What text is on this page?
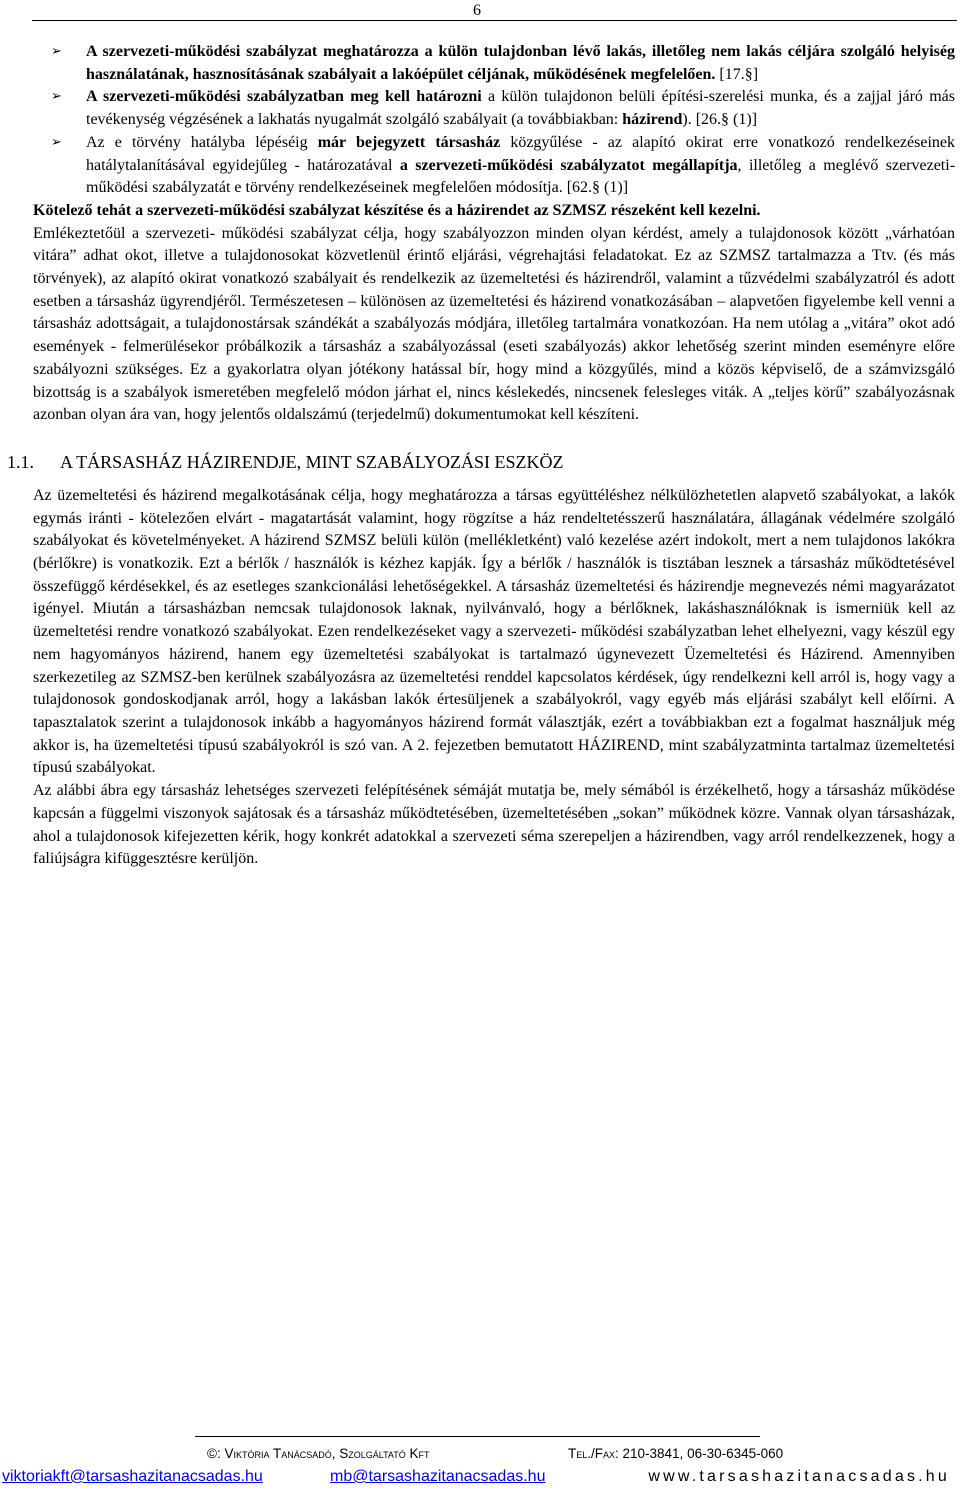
6
➢ A szervezeti-működési szabályzat meghatározza a külön tulajdonban lévő lakás, illetőleg nem lakás céljára szolgáló helyiség használatának, hasznosításának szabályait a lakóépület céljának, működésének megfelelően. [17.§]
➢ A szervezeti-működési szabályzatban meg kell határozni a külön tulajdonon belüli építési-szerelési munka, és a zajjal járó más tevékenység végzésének a lakhatás nyugalmát szolgáló szabályait (a továbbiakban: házirend). [26.§ (1)]
➢ Az e törvény hatályba lépéséig már bejegyzett társasház közgyűlése - az alapító okirat erre vonatkozó rendelkezéseinek hatálytalanításával egyidejűleg - határozatával a szervezeti-működési szabályzatot megállapítja, illetőleg a meglévő szervezeti-működési szabályzatát e törvény rendelkezéseinek megfelelően módosítja. [62.§ (1)]

Kötelező tehát a szervezeti-működési szabályzat készítése és a házirendet az SZMSZ részeként kell kezelni.

Emlékeztetőül a szervezeti- működési szabályzat célja, hogy szabályozzon minden olyan kérdést, amely a tulajdonosok között „várhatóan vitára” adhat okot, illetve a tulajdonosokat közvetlenül érintő eljárási, végrehajtási feladatokat. Ez az SZMSZ tartalmazza a Ttv. (és más törvények), az alapító okirat vonatkozó szabályait és rendelkezik az üzemeltetési és házirendről, valamint a tűzvédelmi szabályzatról és adott esetben a társasház ügyrendjéről. Természetesen – különösen az üzemeltetési és házirend vonatkozásában – alapvetően figyelembe kell venni a társasház adottságait, a tulajdonostársak szándékát a szabályozás módjára, illetőleg tartalmára vonatkozóan. Ha nem utólag a „vitára” okot adó események - felmerülésekor próbálkozik a társasház a szabályozással (eseti szabályozás) akkor lehetőség szerint minden eseményre előre szabályozni szükséges. Ez a gyakorlatra olyan jótékony hatással bír, hogy mind a közgyűlés, mind a közös képviselő, de a számvizsgáló bizottság is a szabályok ismeretében megfelelő módon járhat el, nincs késlekedés, nincsenek felesleges viták. A „teljes körű” szabályozásnak azonban olyan ára van, hogy jelentős oldalszámú (terjedelmű) dokumentumokat kell készíteni.

1.1. A TÁRSASHÁZ HÁZIRENDJE, MINT SZABÁLYOZÁSI ESZKÖZ

Az üzemeltetési és házirend megalkotásának célja, hogy meghatározza a társas együttéléshez nélkülözhetetlen alapvető szabályokat, a lakók egymás iránti - kötelezően elvárt - magatartását valamint, hogy rögzítse a ház rendeltetésszerű használatára, állagának védelmére szolgáló szabályokat és követelményeket. A házirend SZMSZ belüli külön (mellékletként) való kezelése azért indokolt, mert a nem tulajdonos lakókra (bérlőkre) is vonatkozik. Ezt a bérlők / használók is kézhez kapják. Így a bérlők / használók is tisztában lesznek a társasház működtetésével összefüggő kérdésekkel, és az esetleges szankcionálási lehetőségekkel. A társasház üzemeltetési és házirendje megnevezés némi magyarázatot igényel. Miután a társasházban nemcsak tulajdonosok laknak, nyilvánvaló, hogy a bérlőknek, lakáshasználóknak is ismerniük kell az üzemeltetési rendre vonatkozó szabályokat. Ezen rendelkezéseket vagy a szervezeti- működési szabályzatban lehet elhelyezni, vagy készül egy nem hagyományos házirend, hanem egy üzemeltetési szabályokat is tartalmazó úgynevezett Üzemeltetési és Házirend. Amennyiben szerkezetileg az SZMSZ-ben kerülnek szabályozásra az üzemeltetési renddel kapcsolatos kérdések, úgy rendelkezni kell arról is, hogy vagy a tulajdonosok gondoskodjanak arról, hogy a lakásban lakók értesüljenek a szabályokról, vagy egyéb más eljárási szabályt kell előírni. A tapasztalatok szerint a tulajdonosok inkább a hagyományos házirend formát választják, ezért a továbbiakban ezt a fogalmat használjuk még akkor is, ha üzemeltetési típusú szabályokról is szó van. A 2. fejezetben bemutatott HÁZIREND, mint szabályzatminta tartalmaz üzemeltetési típusú szabályokat.

Az alábbi ábra egy társasház lehetséges szervezeti felépítésének sémáját mutatja be, mely sémából is érzékelhető, hogy a társasház működése kapcsán a függelmi viszonyok sajátosak és a társasház működtetésében, üzemeltetésében „sokan” működnek közre. Vannak olyan társasházak, ahol a tulajdonosok kifejezetten kérik, hogy konkrét adatokkal a szervezeti séma szerepeljen a házirendben, vagy arról rendelkezzenek, hogy a faliújságra kifüggesztésre kerüljön.

©: Viktória Tanácsadó, Szolgáltató Kft	Tel./Fax: 210-3841, 06-30-6345-060
viktoriakft@tarsashazitanacsadas.hu	mb@tarsashazitanacsadas.hu	www.tarsashazitanacsadas.hu
